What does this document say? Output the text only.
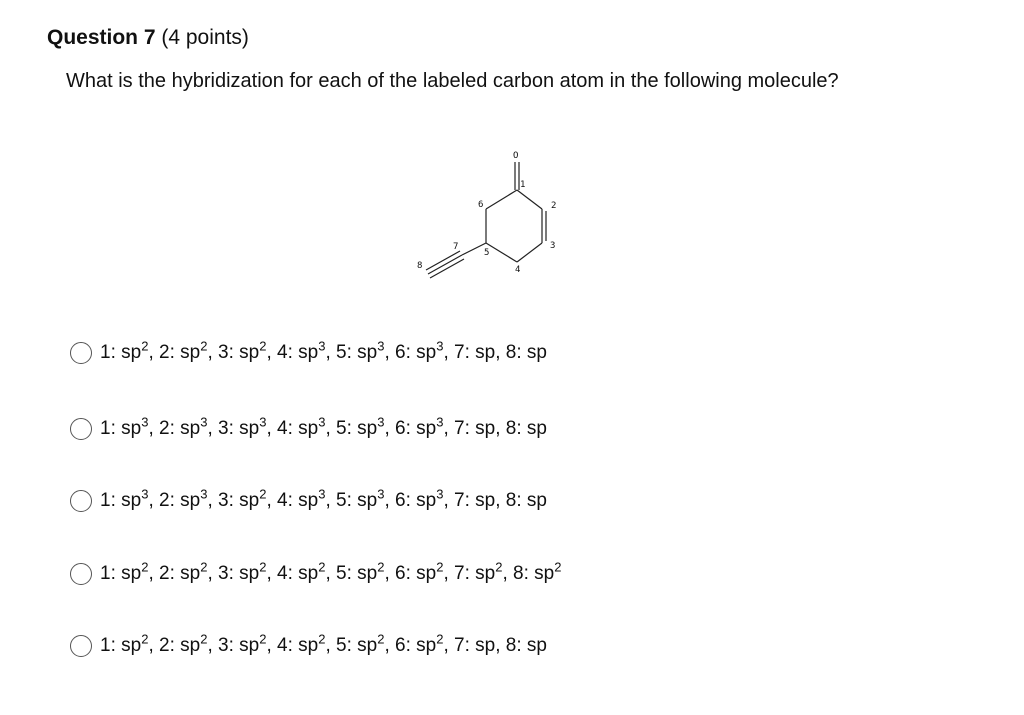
Question 7 (4 points)
What is the hybridization for each of the labeled carbon atom in the following molecule?
O
1
2
3
4
5
6
7
8
1: $sp^2$, 2: $sp^2$, 3: $sp^2$, 4: $sp^3$, 5: $sp^3$, 6: $sp^3$, 7: sp, 8: sp
1: $sp^3$, 2: $sp^3$, 3: $sp^3$, 4: $sp^3$, 5: $sp^3$, 6: $sp^3$, 7: sp, 8: sp
1: $sp^3$, 2: $sp^3$, 3: $sp^2$, 4: $sp^3$, 5: $sp^3$, 6: $sp^3$, 7: sp, 8: sp
1: $sp^2$, 2: $sp^2$, 3: $sp^2$, 4: $sp^2$, 5: $sp^2$, 6: $sp^2$, 7: $sp^2$, 8: $sp^2$
1: $sp^2$, 2: $sp^2$, 3: $sp^2$, 4: $sp^2$, 5: $sp^2$, 6: $sp^2$, 7: sp, 8: sp
